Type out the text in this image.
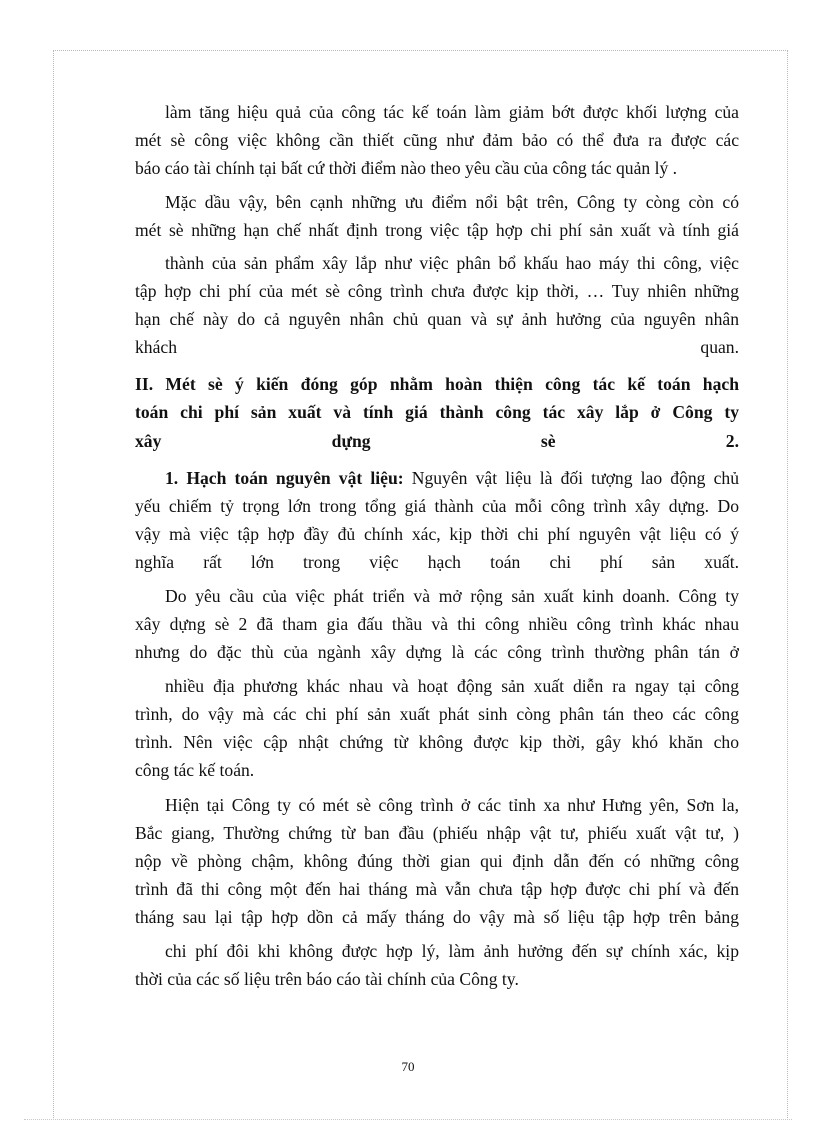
làm tăng hiệu quả của công tác kế toán làm giảm bớt được khối lượng của
mét sè công việc không cần thiết cũng như đảm bảo có thể đưa ra được các
báo cáo tài chính tại bất cứ thời điểm nào theo yêu cầu của công tác quản lý .
Mặc dầu vậy, bên cạnh những ưu điểm nổi bật trên, Công ty còng còn có
mét sè những hạn chế nhất định trong việc tập hợp chi phí sản xuất và tính giá
thành của sản phẩm xây lắp như việc phân bổ khấu hao máy thi công, việc
tập hợp chi phí của mét sè công trình chưa được kịp thời, … Tuy nhiên những
hạn chế này do cả nguyên nhân chủ quan và sự ảnh hưởng của nguyên nhân
khách quan.
II. Mét sè ý kiến đóng góp nhằm hoàn thiện công tác kế toán hạch
toán chi phí sản xuất và tính giá thành công tác xây lắp ở Công ty
xây dựng sè 2.
1. Hạch toán nguyên vật liệu: Nguyên vật liệu là đối tượng lao động chủ
yếu chiếm tỷ trọng lớn trong tổng giá thành của mỗi công trình xây dựng. Do
vậy mà việc tập hợp đầy đủ chính xác, kịp thời chi phí nguyên vật liệu có ý
nghĩa rất lớn trong việc hạch toán chi phí sản xuất.
Do yêu cầu của việc phát triển và mở rộng sản xuất kinh doanh. Công ty
xây dựng sè 2 đã tham gia đấu thầu và thi công nhiều công trình khác nhau
nhưng do đặc thù của ngành xây dựng là các công trình thường phân tán ở
nhiều địa phương khác nhau và hoạt động sản xuất diễn ra ngay tại công
trình, do vậy mà các chi phí sản xuất phát sinh còng phân tán theo các công
trình. Nên việc cập nhật chứng từ không được kịp thời, gây khó khăn cho
công tác kế toán.
Hiện tại Công ty có mét sè công trình ở các tỉnh xa như Hưng yên, Sơn la,
Bắc giang, Thường chứng từ ban đầu (phiếu nhập vật tư, phiếu xuất vật tư, )
nộp về phòng chậm, không đúng thời gian qui định dẫn đến có những công
trình đã thi công một đến hai tháng mà vẫn chưa tập hợp được chi phí và đến
tháng sau lại tập hợp dồn cả mấy tháng do vậy mà số liệu tập hợp trên bảng
chi phí đôi khi không được hợp lý, làm ảnh hưởng đến sự chính xác, kịp
thời của các số liệu trên báo cáo tài chính của Công ty.
70
